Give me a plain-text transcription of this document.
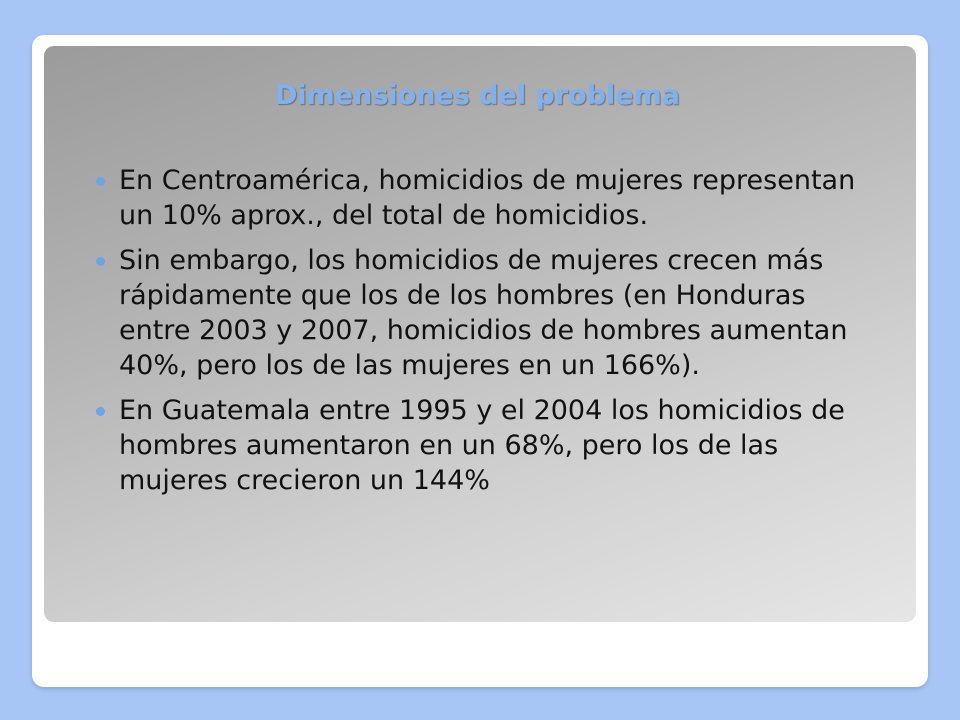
Dimensiones del problema
En Centroamérica, homicidios de mujeres representan un 10% aprox., del total de homicidios.
Sin embargo, los homicidios de mujeres crecen más rápidamente que los de los hombres (en Honduras entre 2003 y 2007, homicidios de hombres aumentan 40%, pero los de las mujeres en un 166%).
En Guatemala entre 1995 y el 2004 los homicidios de hombres aumentaron en un 68%, pero los de las mujeres crecieron un 144%
